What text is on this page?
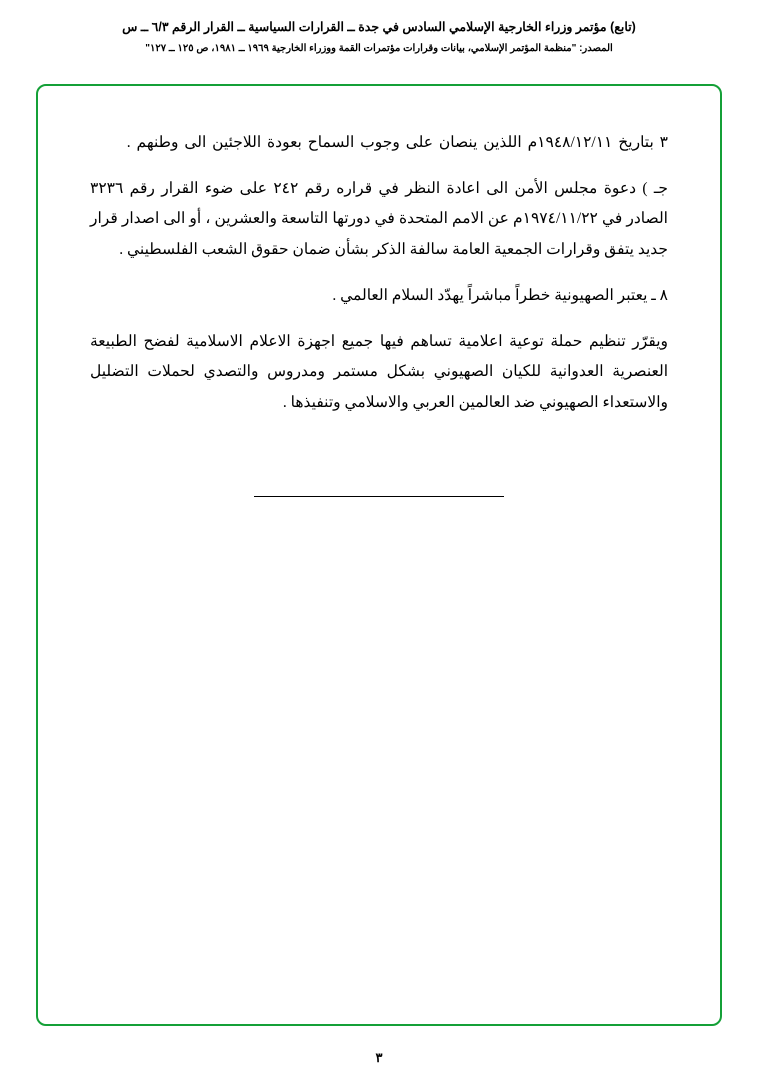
(تابع) مؤتمر وزراء الخارجية الإسلامي السادس في جدة ــ القرارات السياسية ــ القرار الرقم ٦/٣ ــ س
المصدر: "منظمة المؤتمر الإسلامي، بيانات وقرارات مؤتمرات القمة ووزراء الخارجية ١٩٦٩ ــ ١٩٨١، ص ١٢٥ ــ ١٢٧"

٣ بتاريخ ١٩٤٨/١٢/١١م اللذين ينصان على وجوب السماح بعودة اللاجئين الى وطنهم .

جـ ) دعوة مجلس الأمن الى اعادة النظر في قراره رقم ٢٤٢ على ضوء القرار رقم ٣٢٣٦ الصادر في ١٩٧٤/١١/٢٢م عن الامم المتحدة في دورتها التاسعة والعشرين ، أو الى اصدار قرار جديد يتفق وقرارات الجمعية العامة سالفة الذكر بشأن ضمان حقوق الشعب الفلسطيني .

٨ ـ يعتبر الصهيونية خطراً مباشراً يهدّد السلام العالمي .

ويقرّر تنظيم حملة توعية اعلامية تساهم فيها جميع اجهزة الاعلام الاسلامية لفضح الطبيعة العنصرية العدوانية للكيان الصهيوني بشكل مستمر ومدروس والتصدي لحملات التضليل والاستعداء الصهيوني ضد العالمين العربي والاسلامي وتنفيذها .

٣
